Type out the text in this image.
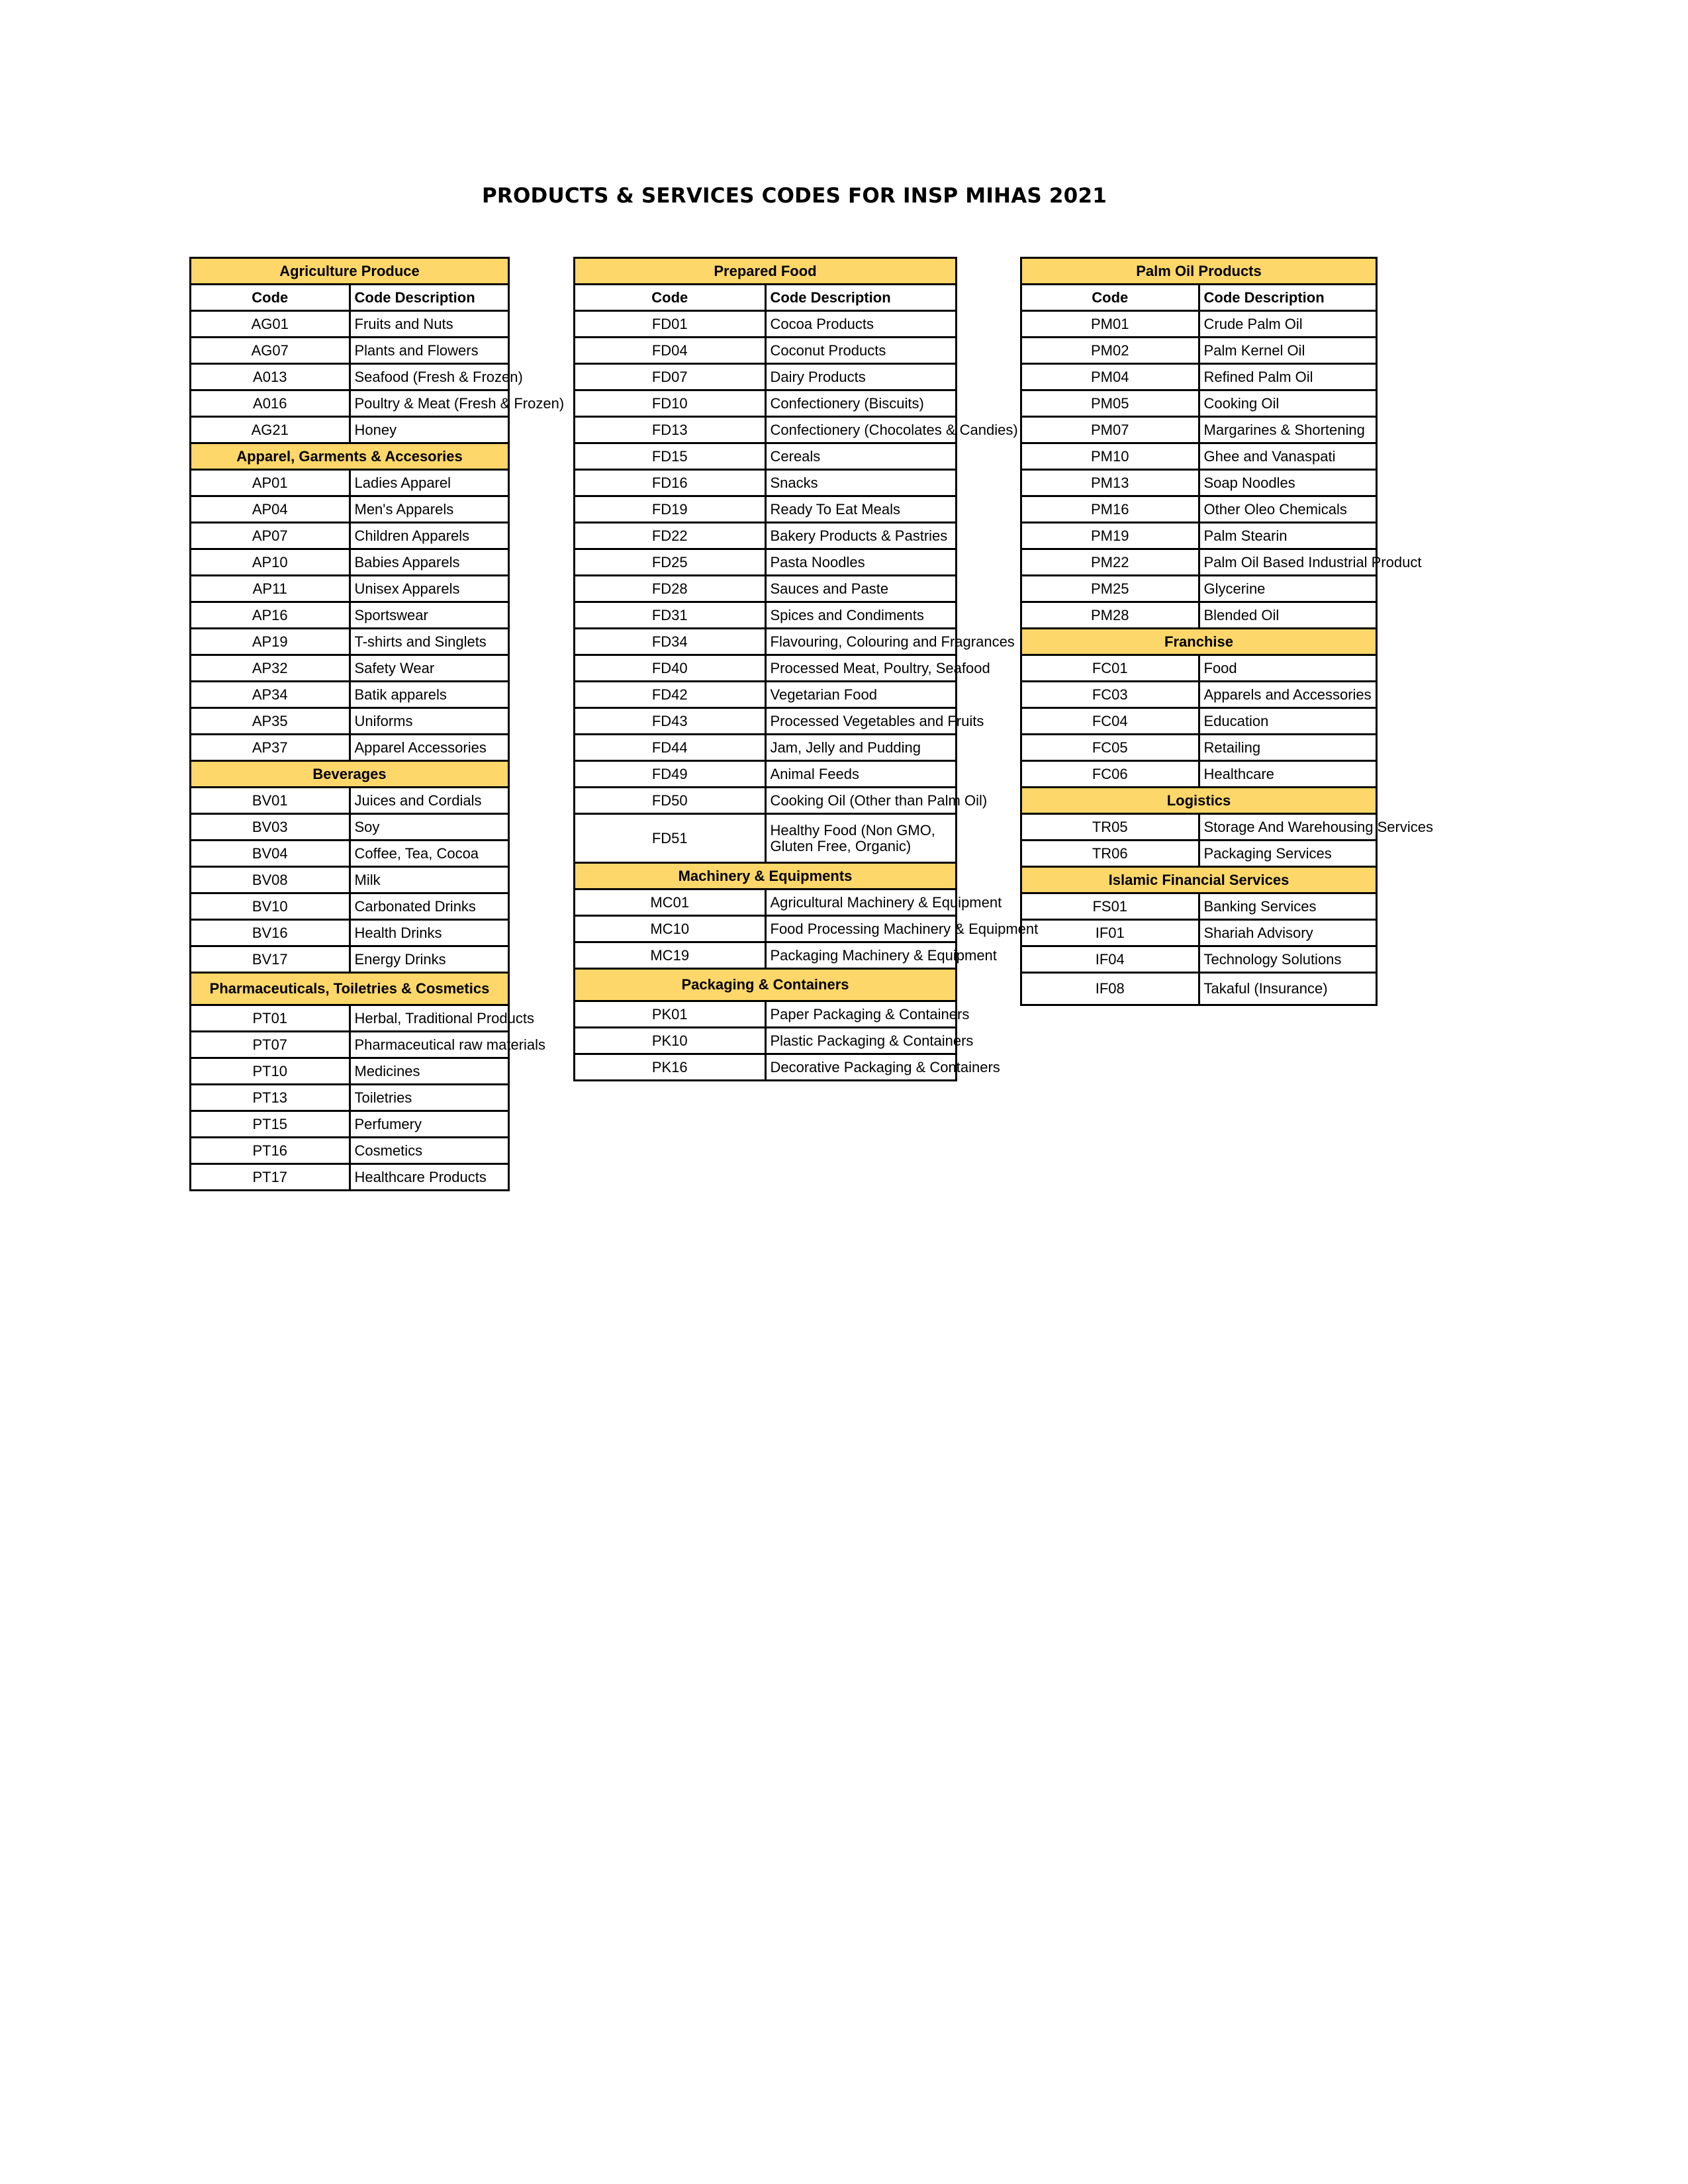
PRODUCTS & SERVICES CODES FOR INSP MIHAS 2021
Agriculture Produce	
Code	Code Description
AG01	Fruits and Nuts
AG07	Plants and Flowers
A013	Seafood (Fresh & Frozen)
A016	Poultry & Meat (Fresh & Frozen)
AG21	Honey
Apparel, Garments & Accesories	
AP01	Ladies Apparel
AP04	Men's Apparels
AP07	Children Apparels
AP10	Babies Apparels
AP11	Unisex Apparels
AP16	Sportswear
AP19	T-shirts and Singlets
AP32	Safety Wear
AP34	Batik apparels
AP35	Uniforms
AP37	Apparel Accessories
Beverages	
BV01	Juices and Cordials
BV03	Soy
BV04	Coffee, Tea, Cocoa
BV08	Milk
BV10	Carbonated Drinks
BV16	Health Drinks
BV17	Energy Drinks
Pharmaceuticals, Toiletries & Cosmetics	
PT01	Herbal, Traditional Products
PT07	Pharmaceutical raw materials
PT10	Medicines
PT13	Toiletries
PT15	Perfumery
PT16	Cosmetics
PT17	Healthcare Products
Prepared Food	
Code	Code Description
FD01	Cocoa Products
FD04	Coconut Products
FD07	Dairy Products
FD10	Confectionery (Biscuits)
FD13	Confectionery (Chocolates & Candies)
FD15	Cereals
FD16	Snacks
FD19	Ready To Eat Meals
FD22	Bakery Products & Pastries
FD25	Pasta Noodles
FD28	Sauces and Paste
FD31	Spices and Condiments
FD34	Flavouring, Colouring and Fragrances
FD40	Processed Meat, Poultry, Seafood
FD42	Vegetarian Food
FD43	Processed Vegetables and Fruits
FD44	Jam, Jelly and Pudding
FD49	Animal Feeds
FD50	Cooking Oil (Other than Palm Oil)
FD51	Healthy Food (Non GMO, Gluten Free, Organic)
Machinery & Equipments	
MC01	Agricultural Machinery & Equipment
MC10	Food Processing Machinery & Equipment
MC19	Packaging Machinery & Equipment
Packaging & Containers	
PK01	Paper Packaging & Containers
PK10	Plastic Packaging & Containers
PK16	Decorative Packaging & Containers
Palm Oil Products	
Code	Code Description
PM01	Crude Palm Oil
PM02	Palm Kernel Oil
PM04	Refined Palm Oil
PM05	Cooking Oil
PM07	Margarines & Shortening
PM10	Ghee and Vanaspati
PM13	Soap Noodles
PM16	Other Oleo Chemicals
PM19	Palm Stearin
PM22	Palm Oil Based Industrial Product
PM25	Glycerine
PM28	Blended Oil
Franchise	
FC01	Food
FC03	Apparels and Accessories
FC04	Education
FC05	Retailing
FC06	Healthcare
Logistics	
TR05	Storage And Warehousing Services
TR06	Packaging Services
Islamic Financial Services	
FS01	Banking Services
IF01	Shariah Advisory
IF04	Technology Solutions
IF08	Takaful (Insurance)
